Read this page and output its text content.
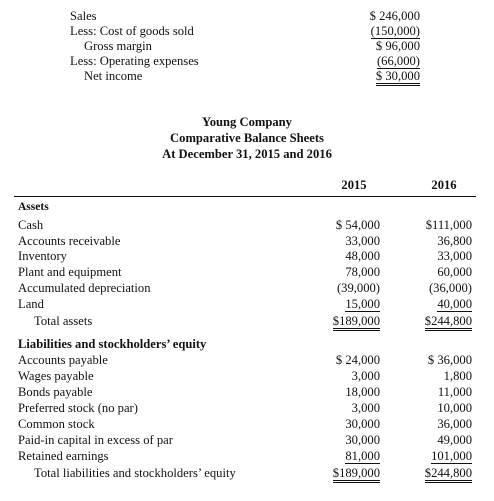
Sales	$ 246,000
Less: Cost of goods sold	(150,000)
Gross margin	$ 96,000
Less: Operating expenses	(66,000)
Net income	$ 30,000
Young Company
Comparative Balance Sheets
At December 31, 2015 and 2016
2015	2016
Assets
Cash	$ 54,000	$111,000
Accounts receivable	33,000	36,800
Inventory	48,000	33,000
Plant and equipment	78,000	60,000
Accumulated depreciation	(39,000)	(36,000)
Land	15,000	40,000
Total assets	$189,000	$244,800
Liabilities and stockholders’ equity
Accounts payable	$ 24,000	$ 36,000
Wages payable	3,000	1,800
Bonds payable	18,000	11,000
Preferred stock (no par)	3,000	10,000
Common stock	30,000	36,000
Paid-in capital in excess of par	30,000	49,000
Retained earnings	81,000	101,000
Total liabilities and stockholders’ equity	$189,000	$244,800
